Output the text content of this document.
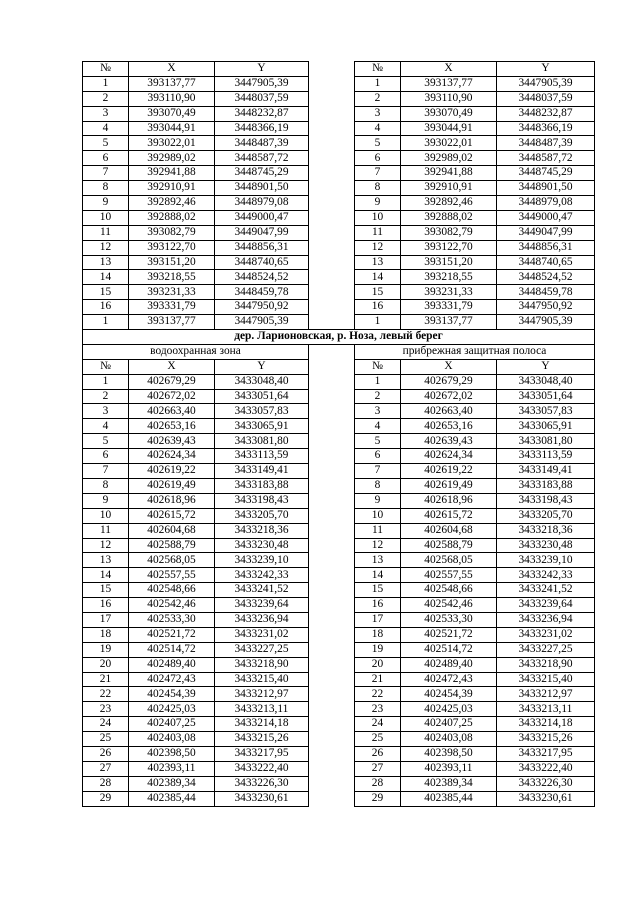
№	X	Y		№	X	Y
1	393137,77	3447905,39		1	393137,77	3447905,39
2	393110,90	3448037,59		2	393110,90	3448037,59
3	393070,49	3448232,87		3	393070,49	3448232,87
4	393044,91	3448366,19		4	393044,91	3448366,19
5	393022,01	3448487,39		5	393022,01	3448487,39
6	392989,02	3448587,72		6	392989,02	3448587,72
7	392941,88	3448745,29		7	392941,88	3448745,29
8	392910,91	3448901,50		8	392910,91	3448901,50
9	392892,46	3448979,08		9	392892,46	3448979,08
10	392888,02	3449000,47		10	392888,02	3449000,47
11	393082,79	3449047,99		11	393082,79	3449047,99
12	393122,70	3448856,31		12	393122,70	3448856,31
13	393151,20	3448740,65		13	393151,20	3448740,65
14	393218,55	3448524,52		14	393218,55	3448524,52
15	393231,33	3448459,78		15	393231,33	3448459,78
16	393331,79	3447950,92		16	393331,79	3447950,92
1	393137,77	3447905,39		1	393137,77	3447905,39
дер. Ларионовская, р. Ноза, левый берег						
водоохранная зона				прибрежная защитная полоса		
№	X	Y		№	X	Y
1	402679,29	3433048,40		1	402679,29	3433048,40
2	402672,02	3433051,64		2	402672,02	3433051,64
3	402663,40	3433057,83		3	402663,40	3433057,83
4	402653,16	3433065,91		4	402653,16	3433065,91
5	402639,43	3433081,80		5	402639,43	3433081,80
6	402624,34	3433113,59		6	402624,34	3433113,59
7	402619,22	3433149,41		7	402619,22	3433149,41
8	402619,49	3433183,88		8	402619,49	3433183,88
9	402618,96	3433198,43		9	402618,96	3433198,43
10	402615,72	3433205,70		10	402615,72	3433205,70
11	402604,68	3433218,36		11	402604,68	3433218,36
12	402588,79	3433230,48		12	402588,79	3433230,48
13	402568,05	3433239,10		13	402568,05	3433239,10
14	402557,55	3433242,33		14	402557,55	3433242,33
15	402548,66	3433241,52		15	402548,66	3433241,52
16	402542,46	3433239,64		16	402542,46	3433239,64
17	402533,30	3433236,94		17	402533,30	3433236,94
18	402521,72	3433231,02		18	402521,72	3433231,02
19	402514,72	3433227,25		19	402514,72	3433227,25
20	402489,40	3433218,90		20	402489,40	3433218,90
21	402472,43	3433215,40		21	402472,43	3433215,40
22	402454,39	3433212,97		22	402454,39	3433212,97
23	402425,03	3433213,11		23	402425,03	3433213,11
24	402407,25	3433214,18		24	402407,25	3433214,18
25	402403,08	3433215,26		25	402403,08	3433215,26
26	402398,50	3433217,95		26	402398,50	3433217,95
27	402393,11	3433222,40		27	402393,11	3433222,40
28	402389,34	3433226,30		28	402389,34	3433226,30
29	402385,44	3433230,61		29	402385,44	3433230,61
